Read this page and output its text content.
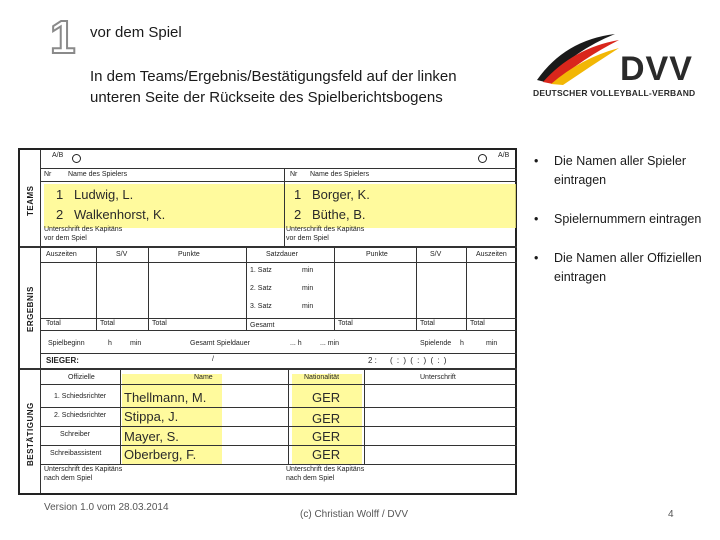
1 vor dem Spiel
In dem Teams/Ergebnis/Bestätigungsfeld auf der linken unteren Seite der Rückseite des Spielberichtsbogens
DVV
DEUTSCHER VOLLEYBALL-VERBAND
TEAMS
ERGEBNIS
BESTÄTIGUNG
A/B	A/B
Nr Name des Spielers	Nr Name des Spielers
1 Ludwig, L.
2 Walkenhorst, K.
1 Borger, K.
2 Büthe, B.
Unterschrift des Kapitäns
vor dem Spiel
Unterschrift des Kapitäns
vor dem Spiel
Auszeiten	S/V	Punkte	Satzdauer	Punkte	S/V	Auszeiten
1. Satz	min
2. Satz	min
3. Satz	min
Total	Total	Total	Gesamt	Total	Total	Total
Spielbeginn	h	min	Gesamt Spieldauer	... h	... min	Spielende h	min
SIEGER:	/	2 : ( : ) ( : ) ( : )
Offizielle	Name	Nationalität	Unterschrift
1. Schiedsrichter Thellmann, M.	GER
2. Schiedsrichter Stippa, J.	GER
Schreiber	Mayer, S.	GER
Schreibassistent Oberberg, F.	GER
Unterschrift des Kapitäns
nach dem Spiel
Unterschrift des Kapitäns
nach dem Spiel
•	Die Namen aller Spieler eintragen
•	Spielernummern eintragen
•	Die Namen aller Offiziellen eintragen
Version 1.0 vom 28.03.2014
(c) Christian Wolff / DVV	4
